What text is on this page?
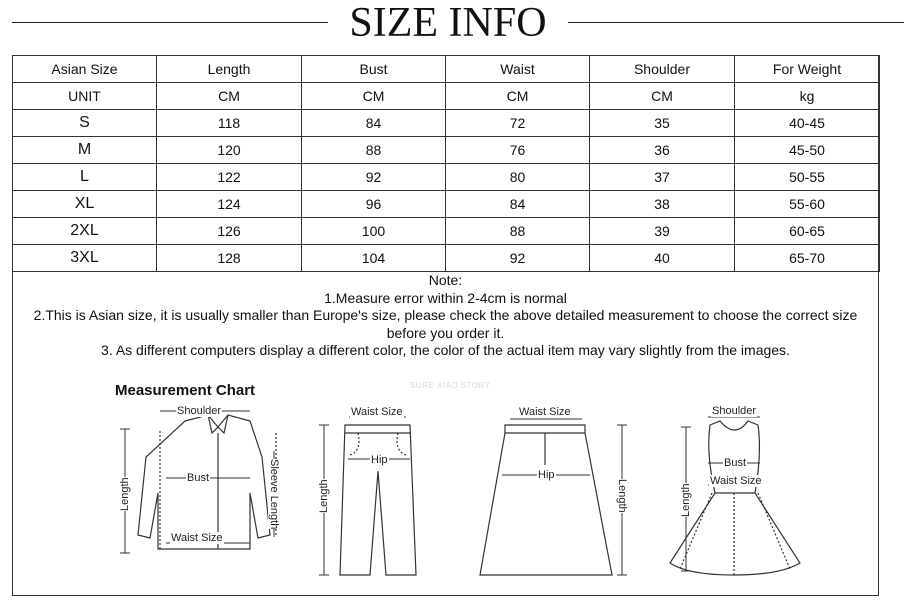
SIZE INFO
Asian Size	Length	Bust	Waist	Shoulder	For Weight
UNIT	CM	CM	CM	CM	kg
S	118	84	72	35	40-45
M	120	88	76	36	45-50
L	122	92	80	37	50-55
XL	124	96	84	38	55-60
2XL	126	100	88	39	60-65
3XL	128	104	92	40	65-70
Note:
1.Measure error within 2-4cm is normal
2.This is Asian size, it is usually smaller than Europe's size, please check the above detailed measurement to choose the correct size before you order it.
3. As different computers display a different color, the color of the actual item may vary slightly from the images.
Measurement Chart	SURE XIAO STORY
Shoulder
Bust
Waist Size
Length	Sleeve Length
Waist Size
Hip
Length
Waist Size
Hip
Length
Shoulder
Bust
Waist Size
Length
